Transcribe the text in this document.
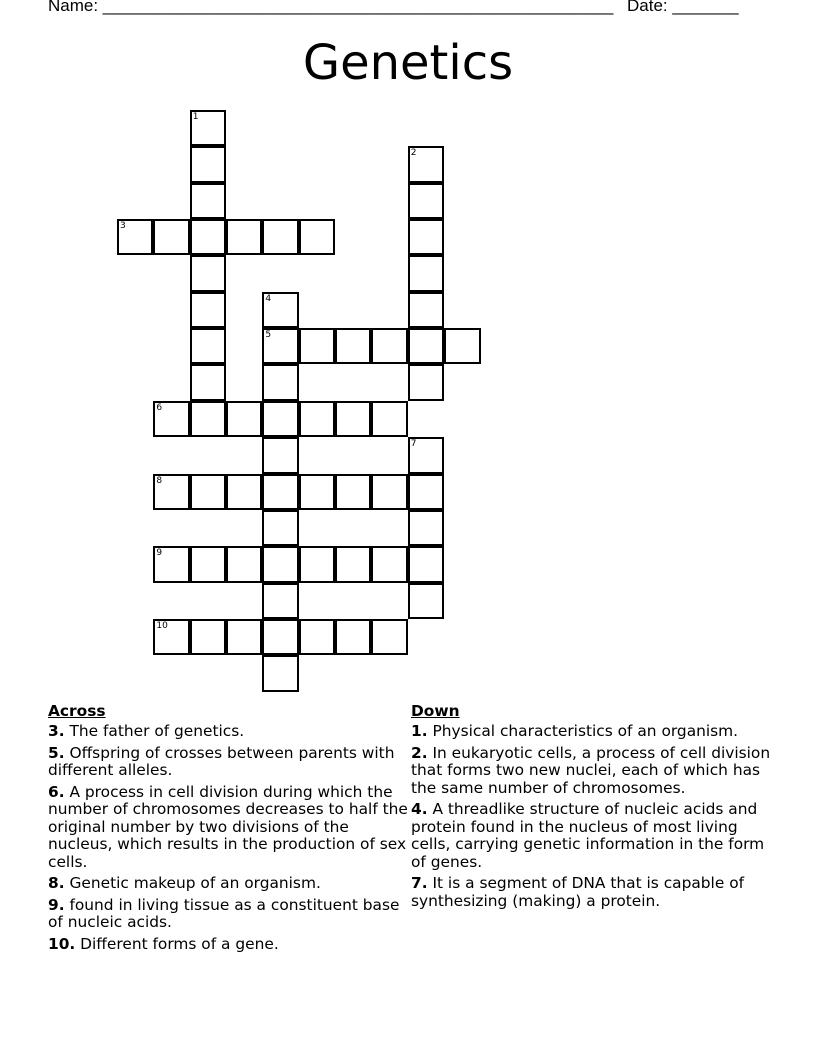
Name: ______________________________________________________ Date: _______
Genetics
1
2
3
4
5
6
7
8
9
10
Across
3. The father of genetics.
5. Offspring of crosses between parents with different alleles.
6. A process in cell division during which the number of chromosomes decreases to half the original number by two divisions of the nucleus, which results in the production of sex cells.
8. Genetic makeup of an organism.
9. found in living tissue as a constituent base of nucleic acids.
10. Different forms of a gene.
Down
1. Physical characteristics of an organism.
2. In eukaryotic cells, a process of cell division that forms two new nuclei, each of which has the same number of chromosomes.
4. A threadlike structure of nucleic acids and protein found in the nucleus of most living cells, carrying genetic information in the form of genes.
7. It is a segment of DNA that is capable of synthesizing (making) a protein.
